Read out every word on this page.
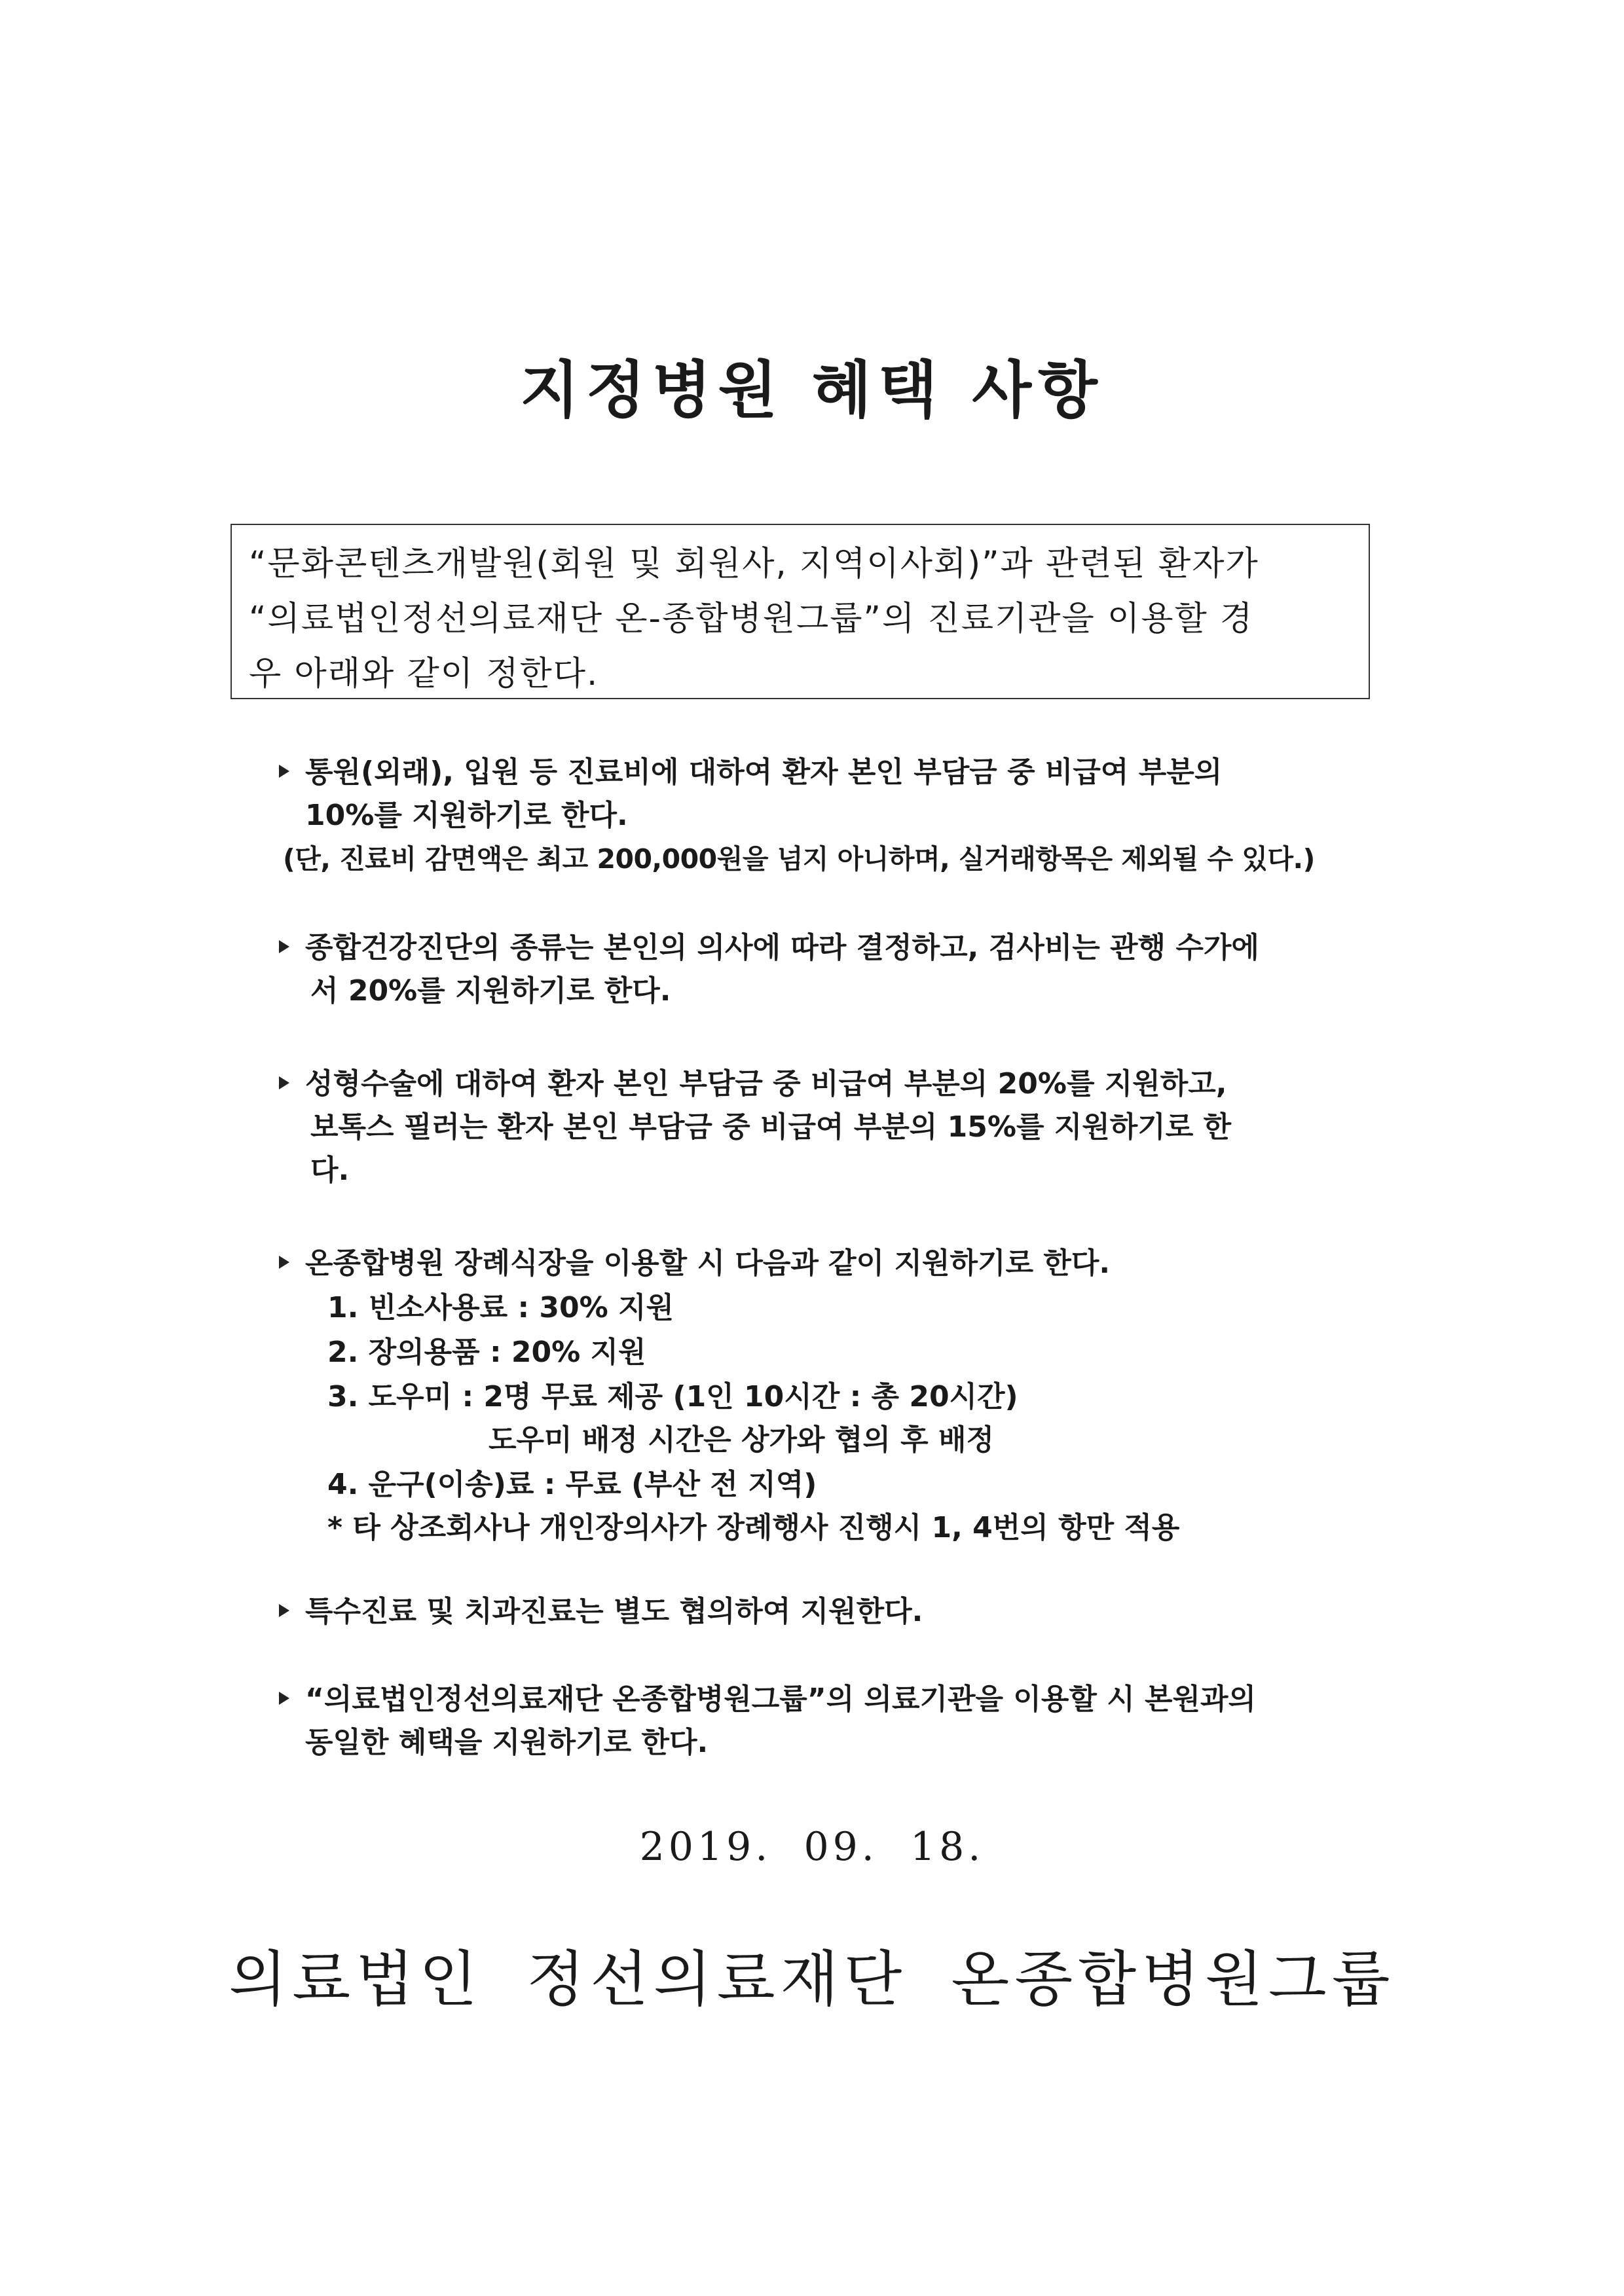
지정병원 혜택 사항
“문화콘텐츠개발원(회원 및 회원사, 지역이사회)”과 관련된 환자가
“의료법인정선의료재단 온-종합병원그룹”의 진료기관을 이용할 경
우 아래와 같이 정한다.
통원(외래), 입원 등 진료비에 대하여 환자 본인 부담금 중 비급여 부분의
10%를 지원하기로 한다.
(단, 진료비 감면액은 최고 200,000원을 넘지 아니하며, 실거래항목은 제외될 수 있다.)
종합건강진단의 종류는 본인의 의사에 따라 결정하고, 검사비는 관행 수가에
서 20%를 지원하기로 한다.
성형수술에 대하여 환자 본인 부담금 중 비급여 부분의 20%를 지원하고,
보톡스 필러는 환자 본인 부담금 중 비급여 부분의 15%를 지원하기로 한
다.
온종합병원 장례식장을 이용할 시 다음과 같이 지원하기로 한다.
1. 빈소사용료 : 30% 지원
2. 장의용품 : 20% 지원
3. 도우미 : 2명 무료 제공 (1인 10시간 : 총 20시간)
도우미 배정 시간은 상가와 협의 후 배정
4. 운구(이송)료 : 무료 (부산 전 지역)
* 타 상조회사나 개인장의사가 장례행사 진행시 1, 4번의 항만 적용
특수진료 및 치과진료는 별도 협의하여 지원한다.
“의료법인정선의료재단 온종합병원그룹”의 의료기관을 이용할 시 본원과의
동일한 혜택을 지원하기로 한다.
2019. 09. 18.
의료법인 정선의료재단 온종합병원그룹
